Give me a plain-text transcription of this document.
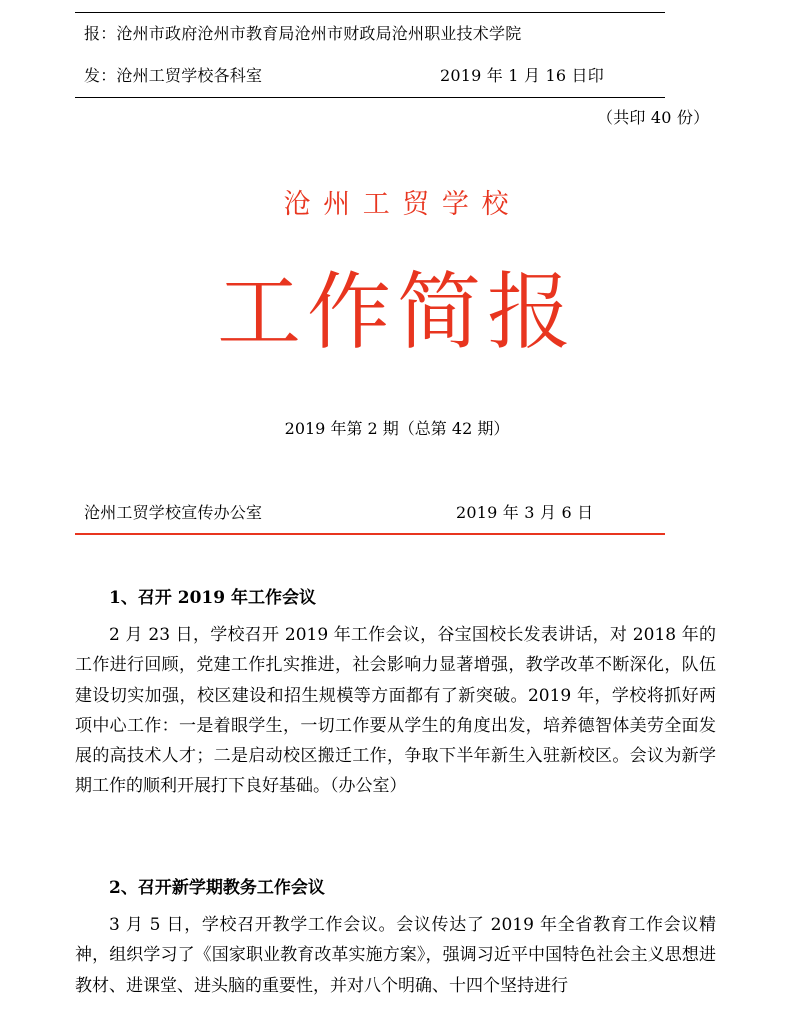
报：沧州市政府沧州市教育局沧州市财政局沧州职业技术学院
发：沧州工贸学校各科室	2019 年 1 月 16 日印
（共印 40 份）
沧 州 工 贸 学 校
工作简报
2019 年第 2 期（总第 42 期）
沧州工贸学校宣传办公室	2019 年 3 月 6 日
1、召开 2019 年工作会议
2 月 23 日，学校召开 2019 年工作会议，谷宝国校长发表讲话，对 2018 年的工作进行回顾，党建工作扎实推进，社会影响力显著增强，教学改革不断深化，队伍建设切实加强，校区建设和招生规模等方面都有了新突破。2019 年，学校将抓好两项中心工作：一是着眼学生，一切工作要从学生的角度出发，培养德智体美劳全面发展的高技术人才；二是启动校区搬迁工作，争取下半年新生入驻新校区。会议为新学期工作的顺利开展打下良好基础。（办公室）
2、召开新学期教务工作会议
3 月 5 日，学校召开教学工作会议。会议传达了 2019 年全省教育工作会议精神，组织学习了《国家职业教育改革实施方案》，强调习近平中国特色社会主义思想进教材、进课堂、进头脑的重要性，并对八个明确、十四个坚持进行
